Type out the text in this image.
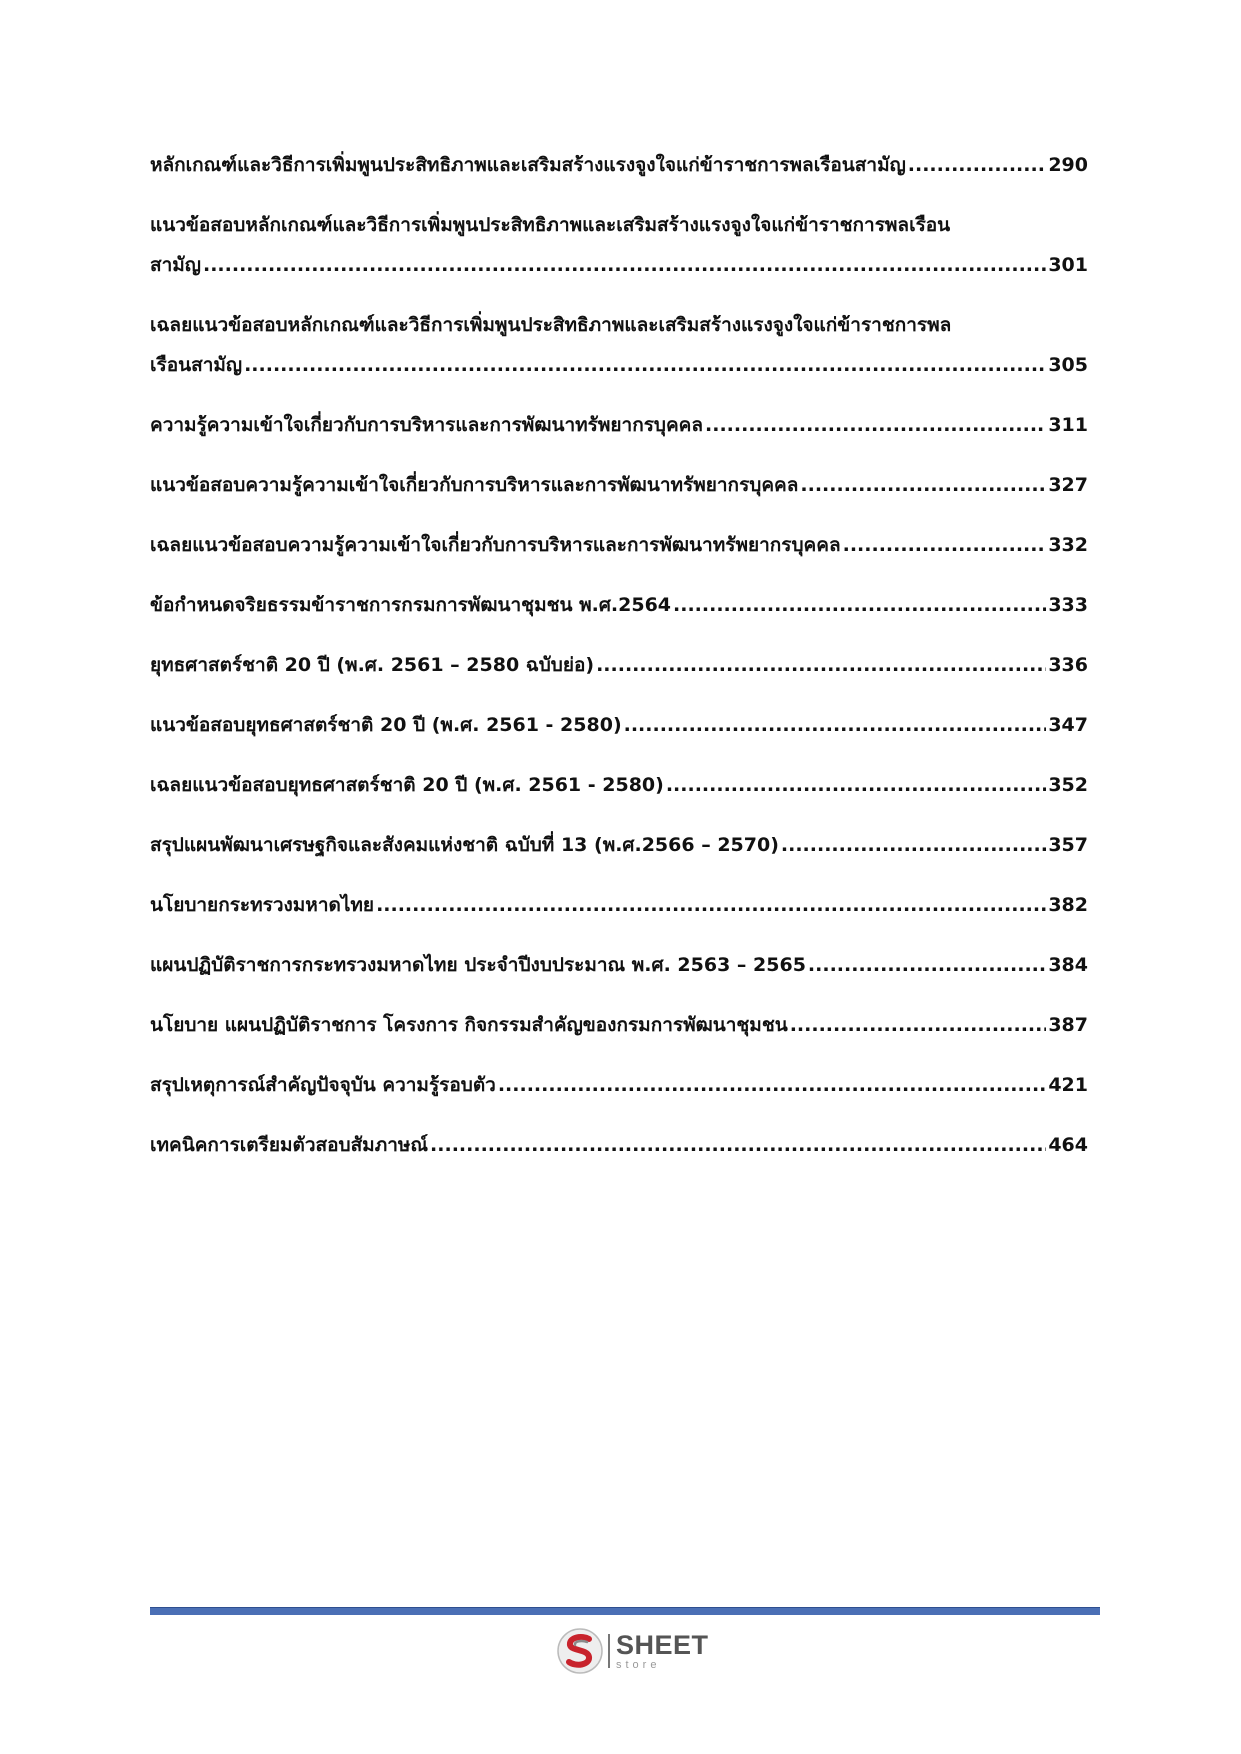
หลักเกณฑ์และวิธีการเพิ่มพูนประสิทธิภาพและเสริมสร้างแรงจูงใจแก่ข้าราชการพลเรือนสามัญ .....	290
แนวข้อสอบหลักเกณฑ์และวิธีการเพิ่มพูนประสิทธิภาพและเสริมสร้างแรงจูงใจแก่ข้าราชการพลเรือน
สามัญ .....	301
เฉลยแนวข้อสอบหลักเกณฑ์และวิธีการเพิ่มพูนประสิทธิภาพและเสริมสร้างแรงจูงใจแก่ข้าราชการพล
เรือนสามัญ .....	305
ความรู้ความเข้าใจเกี่ยวกับการบริหารและการพัฒนาทรัพยากรบุคคล .....	311
แนวข้อสอบความรู้ความเข้าใจเกี่ยวกับการบริหารและการพัฒนาทรัพยากรบุคคล .....	327
เฉลยแนวข้อสอบความรู้ความเข้าใจเกี่ยวกับการบริหารและการพัฒนาทรัพยากรบุคคล .....	332
ข้อกำหนดจริยธรรมข้าราชการกรมการพัฒนาชุมชน พ.ศ.2564 .....	333
ยุทธศาสตร์ชาติ 20 ปี (พ.ศ. 2561 – 2580 ฉบับย่อ) .....	336
แนวข้อสอบยุทธศาสตร์ชาติ 20 ปี (พ.ศ. 2561 - 2580) .....	347
เฉลยแนวข้อสอบยุทธศาสตร์ชาติ 20 ปี (พ.ศ. 2561 - 2580) .....	352
สรุปแผนพัฒนาเศรษฐกิจและสังคมแห่งชาติ ฉบับที่ 13 (พ.ศ.2566 – 2570) .....	357
นโยบายกระทรวงมหาดไทย .....	382
แผนปฏิบัติราชการกระทรวงมหาดไทย ประจำปีงบประมาณ พ.ศ. 2563 – 2565 .....	384
นโยบาย แผนปฏิบัติราชการ โครงการ กิจกรรมสำคัญของกรมการพัฒนาชุมชน .....	387
สรุปเหตุการณ์สำคัญปัจจุบัน ความรู้รอบตัว .....	421
เทคนิคการเตรียมตัวสอบสัมภาษณ์ .....	464
SHEET
store
